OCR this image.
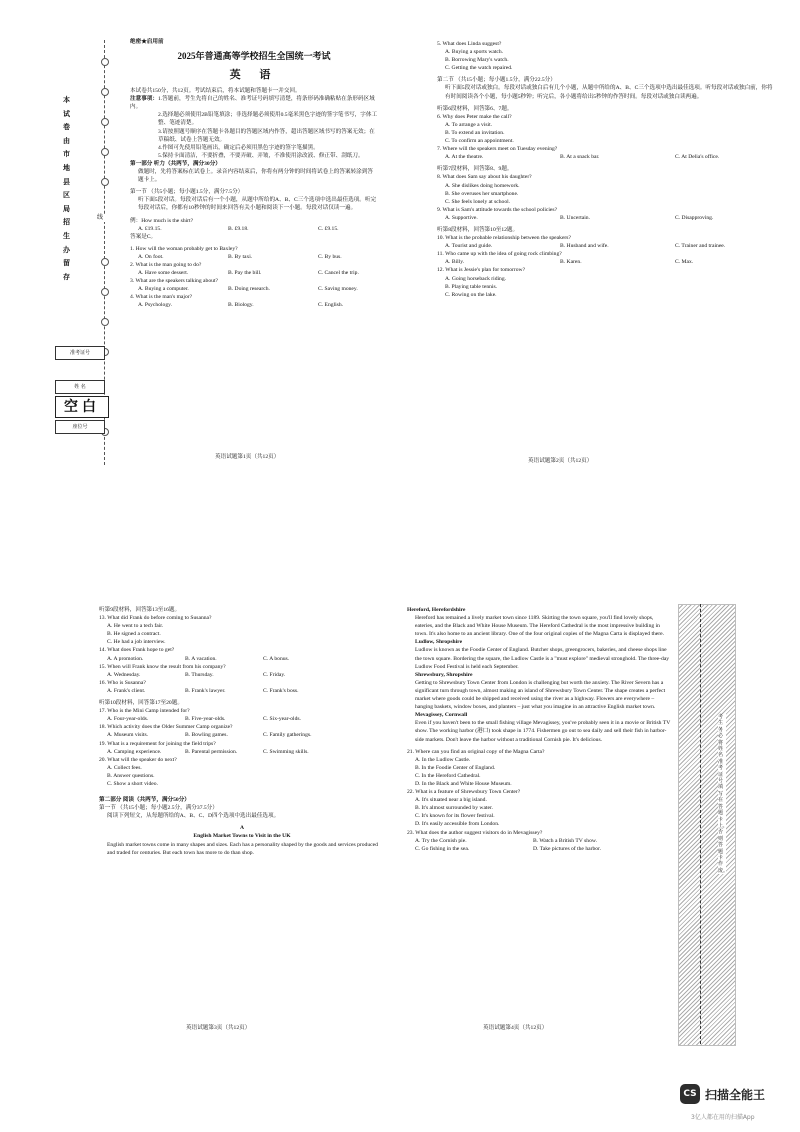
本试卷由市地县区局招生办留存
线
准考证号
姓 名
空白
座位号
绝密★启用前
2025年普通高等学校招生全国统一考试
英 语
本试卷共150分，共12页。考试结束后，将本试题和答题卡一并交回。
注意事项：1.答题前，考生先将自己的姓名、准考证号码填写清楚，将条形码准确粘贴在条形码区域内。
2.选择题必须使用2B铅笔填涂；非选择题必须使用0.5毫米黑色字迹的签字笔书写，字体工整、笔迹清楚。
3.请按照题号顺序在答题卡各题目的答题区域内作答，超出答题区域书写的答案无效；在草稿纸、试卷上答题无效。
4.作图可先使用铅笔画出，确定后必须用黑色字迹的签字笔描黑。
5.保持卡面清洁，不要折叠，不要弄破、弄皱，不准使用涂改液、修正带、刮纸刀。
第一部分 听力（共两节，满分30分）
做题时，先将答案标在试卷上。录音内容结束后，你将有两分钟的时间将试卷上的答案转涂到答题卡上。
第一节 （共5小题；每小题1.5分，满分7.5分）
听下面5段对话。每段对话后有一个小题，从题中所给的A、B、C三个选项中选出最佳选项。听完每段对话后，你都有10秒钟的时间来回答有关小题和阅读下一小题。每段对话仅读一遍。
例：How much is the shirt?
A. £19.15.	B. £9.18.	C. £9.15.
答案是C。
1. How will the woman probably get to Baxley?
A. On foot.	B. By taxi.	C. By bus.
2. What is the man going to do?
A. Have some dessert.	B. Pay the bill.	C. Cancel the trip.
3. What are the speakers talking about?
A. Buying a computer.	B. Doing research.	C. Saving money.
4. What is the man's major?
A. Psychology.	B. Biology.	C. English.
英语试题第1页（共12页）
5. What does Linda suggest?
A. Buying a sports watch.
B. Borrowing Mary's watch.
C. Getting the watch repaired.
第二节 （共15小题；每小题1.5分，满分22.5分）
听下面5段对话或独白。每段对话或独白后有几个小题，从题中所给的A、B、C三个选项中选出最佳选项。听每段对话或独白前，你将有时间阅读各个小题，每小题5秒钟；听完后，各小题将给出5秒钟的作答时间。每段对话或独白读两遍。
听第6段材料，回答第6、7题。
6. Why does Peter make the call?
A. To arrange a visit.
B. To extend an invitation.
C. To confirm an appointment.
7. Where will the speakers meet on Tuesday evening?
A. At the theatre.	B. At a snack bar.	C. At Delia's office.
听第7段材料，回答第8、9题。
8. What does Sam say about his daughter?
A. She dislikes doing homework.
B. She overuses her smartphone.
C. She feels lonely at school.
9. What is Sam's attitude towards the school policies?
A. Supportive.	B. Uncertain.	C. Disapproving.
听第8段材料，回答第10至12题。
10. What is the probable relationship between the speakers?
A. Tourist and guide.	B. Husband and wife.	C. Trainer and trainee.
11. Who came up with the idea of going rock climbing?
A. Billy.	B. Karen.	C. Max.
12. What is Jessie's plan for tomorrow?
A. Going horseback riding.
B. Playing table tennis.
C. Rowing on the lake.
英语试题第2页（共12页）
听第9段材料，回答第13至16题。
13. What did Frank do before coming to Susanna?
A. He went to a tech fair.
B. He signed a contract.
C. He had a job interview.
14. What does Frank hope to get?
A. A promotion.	B. A vacation.	C. A bonus.
15. When will Frank know the result from his company?
A. Wednesday.	B. Thursday.	C. Friday.
16. Who is Susanna?
A. Frank's client.	B. Frank's lawyer.	C. Frank's boss.
听第10段材料，回答第17至20题。
17. Who is the Mini Camp intended for?
A. Four-year-olds.	B. Five-year-olds.	C. Six-year-olds.
18. Which activity does the Older Summer Camp organize?
A. Museum visits.	B. Bowling games.	C. Family gatherings.
19. What is a requirement for joining the field trips?
A. Camping experience.	B. Parental permission.	C. Swimming skills.
20. What will the speaker do next?
A. Collect fees.
B. Answer questions.
C. Show a short video.
第二部分 阅读（共两节，满分50分）
第一节 （共15小题；每小题2.5分，满分37.5分）
阅读下列短文，从每题所给的A、B、C、D四个选项中选出最佳选项。
A
English Market Towns to Visit in the UK
English market towns come in many shapes and sizes. Each has a personality shaped by the goods and services produced and traded for centuries. But each town has more to do than shop.
英语试题第3页（共12页）
Hereford, Herefordshire
Hereford has remained a lively market town since 1189. Skirting the town square, you'll find lovely shops, eateries, and the Black and White House Museum. The Hereford Cathedral is the most impressive building in town. It's also home to an ancient library. One of the four original copies of the Magna Carta is displayed there.
Ludlow, Shropshire
Ludlow is known as the Foodie Center of England. Butcher shops, greengrocers, bakeries, and cheese shops line the town square. Bordering the square, the Ludlow Castle is a "must explore" medieval stronghold. The three-day Ludlow Food Festival is held each September.
Shrewsbury, Shropshire
Getting to Shrewsbury Town Center from London is challenging but worth the anxiety. The River Severn has a significant turn through town, almost making an island of Shrewsbury Town Center. The shape creates a perfect market where goods could be shipped and received using the river as a highway. Flowers are everywhere – hanging baskets, window boxes, and planters – just what you imagine in an attractive English market town.
Mevagissey, Cornwall
Even if you haven't been to the small fishing village Mevagissey, you've probably seen it in a movie or British TV show. The working harbor (港口) took shape in 1774. Fishermen go out to sea daily and sell their fish in harbor-side markets. Don't leave the harbor without a traditional Cornish pie. It's delicious.
21. Where can you find an original copy of the Magna Carta?
A. In the Ludlow Castle.
B. In the Foodie Center of England.
C. In the Hereford Cathedral.
D. In the Black and White House Museum.
22. What is a feature of Shrewsbury Town Center?
A. It's situated near a big island.
B. It's almost surrounded by water.
C. It's known for its flower festival.
D. It's easily accessible from London.
23. What does the author suggest visitors do in Mevagissey?
A. Try the Cornish pie.	B. Watch a British TV show.
C. Go fishing in the sea.	D. Take pictures of the harbor.
英语试题第4页（共12页）
考生务必将姓名准考证号填写在答题卡上，否则答题卡作废。
CS 扫描全能王
3亿人都在用的扫描App
